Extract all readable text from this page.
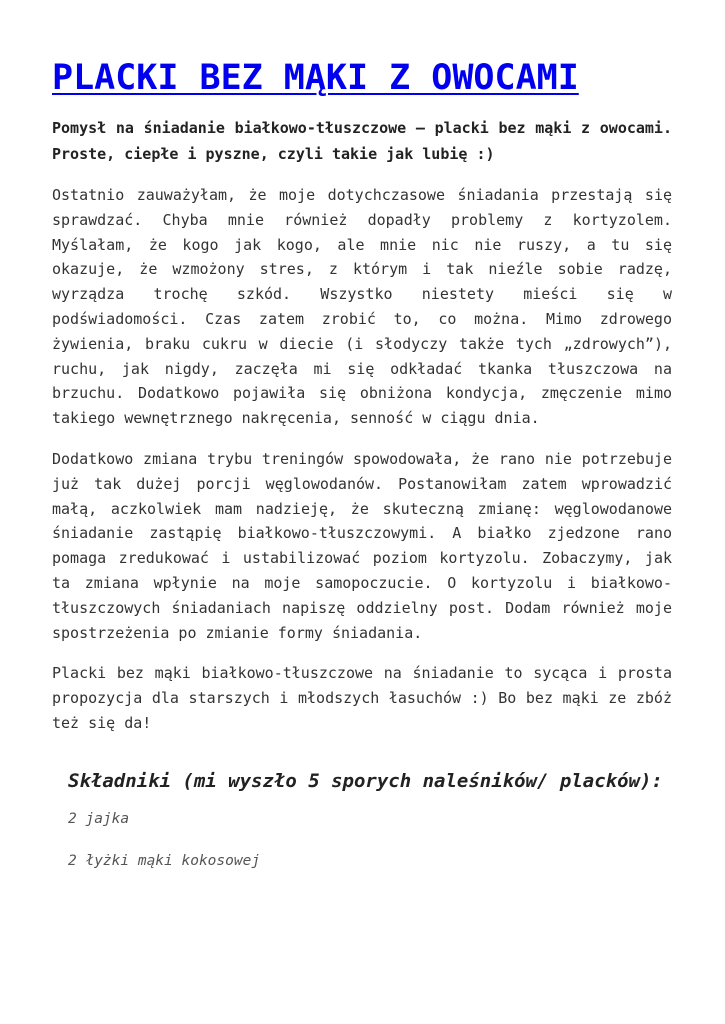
PLACKI BEZ MĄKI Z OWOCAMI

Pomysł na śniadanie białkowo-tłuszczowe – placki bez mąki z owocami. Proste, ciepłe i pyszne, czyli takie jak lubię :)

Ostatnio zauważyłam, że moje dotychczasowe śniadania przestają się sprawdzać. Chyba mnie również dopadły problemy z kortyzolem. Myślałam, że kogo jak kogo, ale mnie nic nie ruszy, a tu się okazuje, że wzmożony stres, z którym i tak nieźle sobie radzę, wyrządza trochę szkód. Wszystko niestety mieści się w podświadomości. Czas zatem zrobić to, co można. Mimo zdrowego żywienia, braku cukru w diecie (i słodyczy także tych „zdrowych”), ruchu, jak nigdy, zaczęła mi się odkładać tkanka tłuszczowa na brzuchu. Dodatkowo pojawiła się obniżona kondycja, zmęczenie mimo takiego wewnętrznego nakręcenia, senność w ciągu dnia.

Dodatkowo zmiana trybu treningów spowodowała, że rano nie potrzebuje już tak dużej porcji węglowodanów. Postanowiłam zatem wprowadzić małą, aczkolwiek mam nadzieję, że skuteczną zmianę: węglowodanowe śniadanie zastąpię białkowo-tłuszczowymi. A białko zjedzone rano pomaga zredukować i ustabilizować poziom kortyzolu. Zobaczymy, jak ta zmiana wpłynie na moje samopoczucie. O kortyzolu i białkowo-tłuszczowych śniadaniach napiszę oddzielny post. Dodam również moje spostrzeżenia po zmianie formy śniadania.

Placki bez mąki białkowo-tłuszczowe na śniadanie to sycąca i prosta propozycja dla starszych i młodszych łasuchów :) Bo bez mąki ze zbóż też się da!

Składniki (mi wyszło 5 sporych naleśników/ placków):
2 jajka
2 łyżki mąki kokosowej
